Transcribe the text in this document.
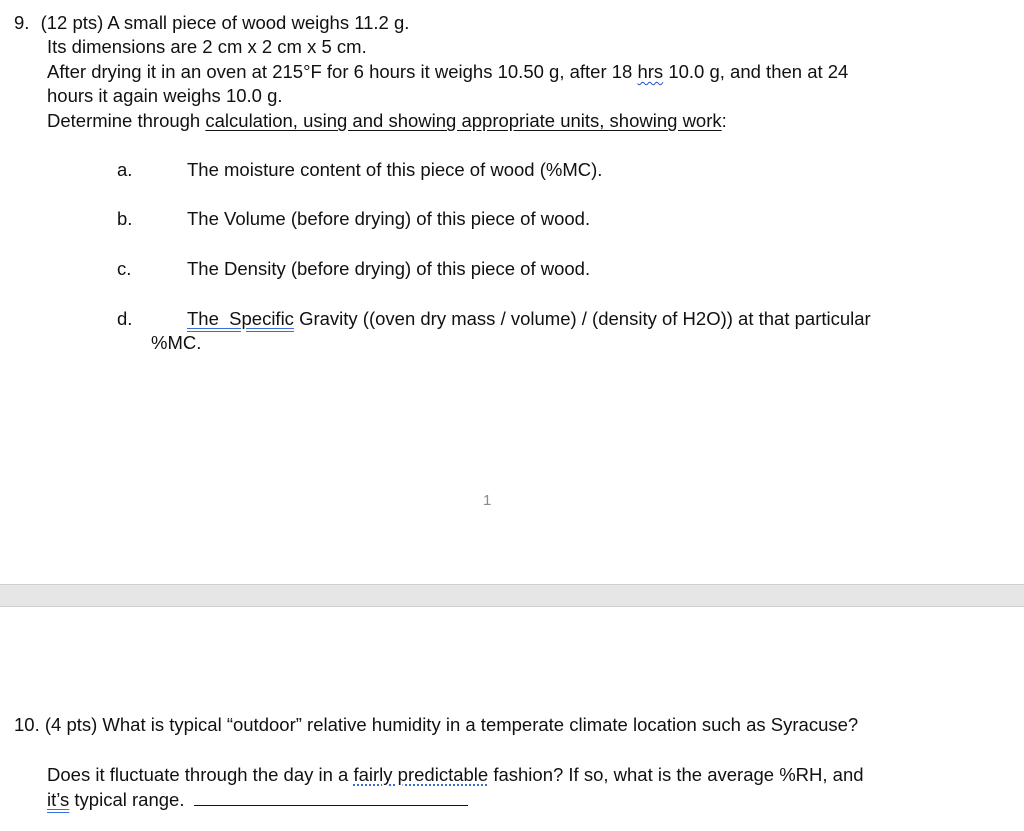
9. (12 pts) A small piece of wood weighs 11.2 g.
Its dimensions are 2 cm x 2 cm x 5 cm.
After drying it in an oven at 215°F for 6 hours it weighs 10.50 g, after 18 hrs 10.0 g, and then at 24
hours it again weighs 10.0 g.
Determine through calculation, using and showing appropriate units, showing work:
a.	The moisture content of this piece of wood (%MC).
b.	The Volume (before drying) of this piece of wood.
c.	The Density (before drying) of this piece of wood.
d.	The  Specific Gravity ((oven dry mass / volume) / (density of H2O)) at that particular
%MC.
1
10. (4 pts) What is typical “outdoor” relative humidity in a temperate climate location such as Syracuse?
Does it fluctuate through the day in a fairly predictable fashion? If so, what is the average %RH, and
it’s typical range.
